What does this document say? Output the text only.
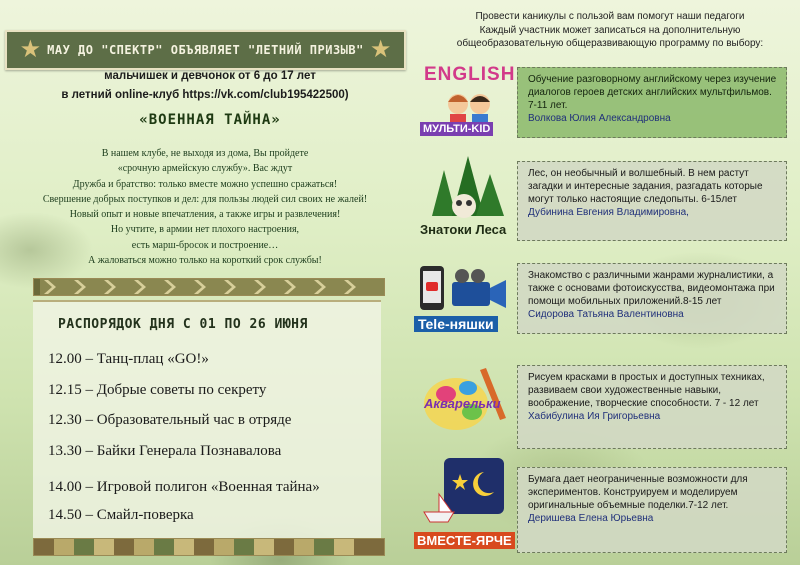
★ МАУ ДО "СПЕКТР" ОБЪЯВЛЯЕТ "ЛЕТНИЙ ПРИЗЫВ" ★
мальчишек и девчонок от 6 до 17 лет
в летний online-клуб https://vk.com/club195422500)
«ВОЕННАЯ ТАЙНА»
В нашем клубе, не выходя из дома, Вы пройдете
«срочную армейскую службу». Вас ждут
Дружба и братство: только вместе можно успешно сражаться!
Свершение добрых поступков и дел: для пользы людей сил своих не жалей!
Новый опыт и новые впечатления, а также игры и развлечения!
Но учтите, в армии нет плохого настроения,
есть марш-бросок и построение…
А жаловаться можно только на короткий срок службы!
РАСПОРЯДОК ДНЯ С 01 ПО 26 ИЮНЯ
12.00 – Танц-плац «GO!»
12.15 – Добрые советы по секрету
12.30 – Образовательный час в отряде
13.30 – Байки Генерала Познавалова
14.00 – Игровой полигон «Военная тайна»
14.50 – Смайл-поверка
Провести каникулы с пользой вам помогут наши педагоги
Каждый участник может записаться на дополнительную
общеобразовательную общеразвивающую программу по выбору:
ENGLISH
МУЛЬТИ-KID
Обучение разговорному английскому через изучение диалогов героев детских английских мультфильмов. 7-11 лет.
Волкова Юлия Александровна
Знатоки Леса
Лес, он необычный и волшебный. В нем растут загадки и интересные задания, разгадать которые могут только настоящие следопыты. 6-15лет
Дубинина Евгения Владимировна,
Tele-няшки
Знакомство с различными жанрами журналистики, а также с основами фотоискусства, видеомонтажа при помощи мобильных приложений.8-15 лет
Сидорова Татьяна Валентиновна
Акварельки
Рисуем красками в простых и доступных техниках, развиваем свои художественные навыки, воображение, творческие способности. 7 - 12 лет
Хабибулина Ия Григорьевна
ВМЕСТЕ-ЯРЧЕ
Бумага дает неограниченные возможности для экспериментов. Конструируем и моделируем оригинальные объемные поделки.7-12 лет.
Деришева Елена Юрьевна
